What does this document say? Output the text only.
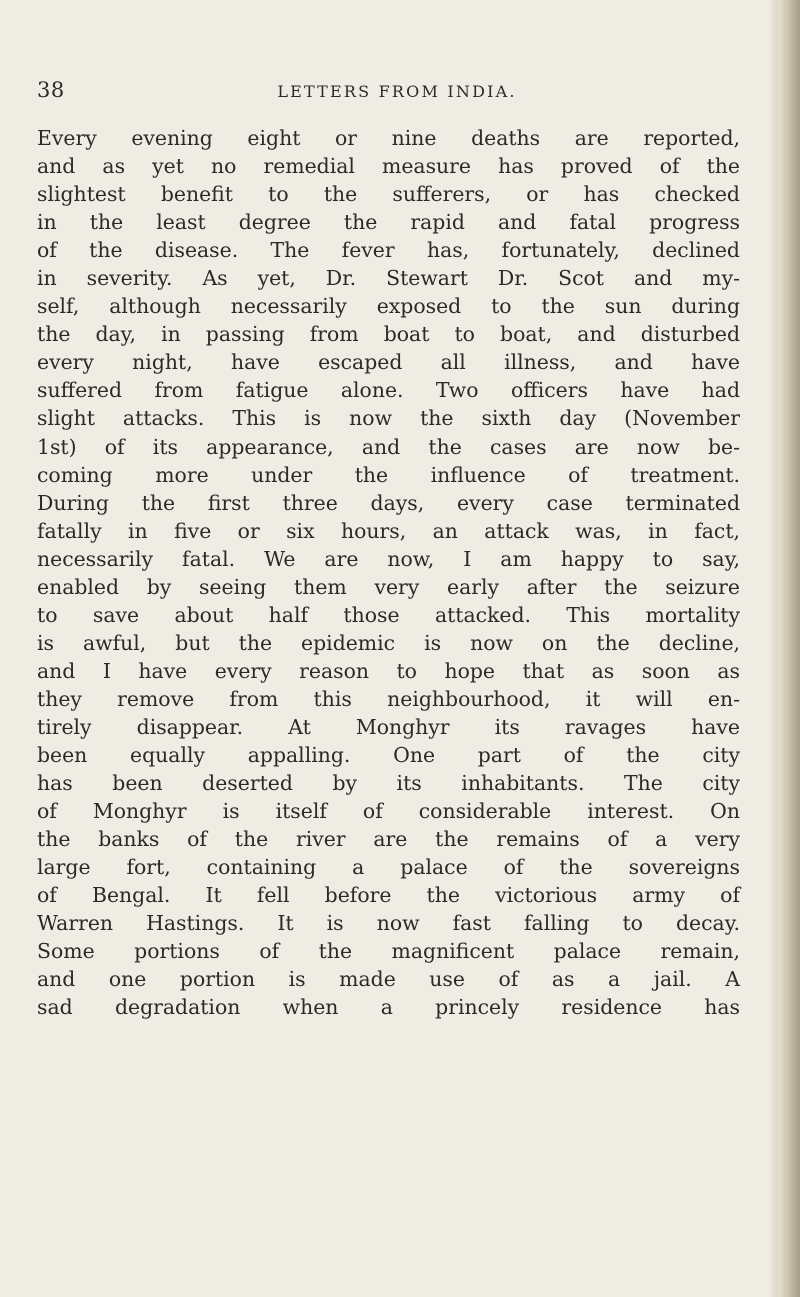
38	LETTERS FROM INDIA.
Every evening eight or nine deaths are reported,
and as yet no remedial measure has proved of the
slightest benefit to the sufferers, or has checked
in the least degree the rapid and fatal progress
of the disease. The fever has, fortunately, declined
in severity. As yet, Dr. Stewart Dr. Scot and my-
self, although necessarily exposed to the sun during
the day, in passing from boat to boat, and disturbed
every night, have escaped all illness, and have
suffered from fatigue alone. Two officers have had
slight attacks. This is now the sixth day (November
1st) of its appearance, and the cases are now be-
coming more under the influence of treatment.
During the first three days, every case terminated
fatally in five or six hours, an attack was, in fact,
necessarily fatal. We are now, I am happy to say,
enabled by seeing them very early after the seizure
to save about half those attacked. This mortality
is awful, but the epidemic is now on the decline,
and I have every reason to hope that as soon as
they remove from this neighbourhood, it will en-
tirely disappear. At Monghyr its ravages have
been equally appalling. One part of the city
has been deserted by its inhabitants. The city
of Monghyr is itself of considerable interest. On
the banks of the river are the remains of a very
large fort, containing a palace of the sovereigns
of Bengal. It fell before the victorious army of
Warren Hastings. It is now fast falling to decay.
Some portions of the magnificent palace remain,
and one portion is made use of as a jail. A
sad degradation when a princely residence has
